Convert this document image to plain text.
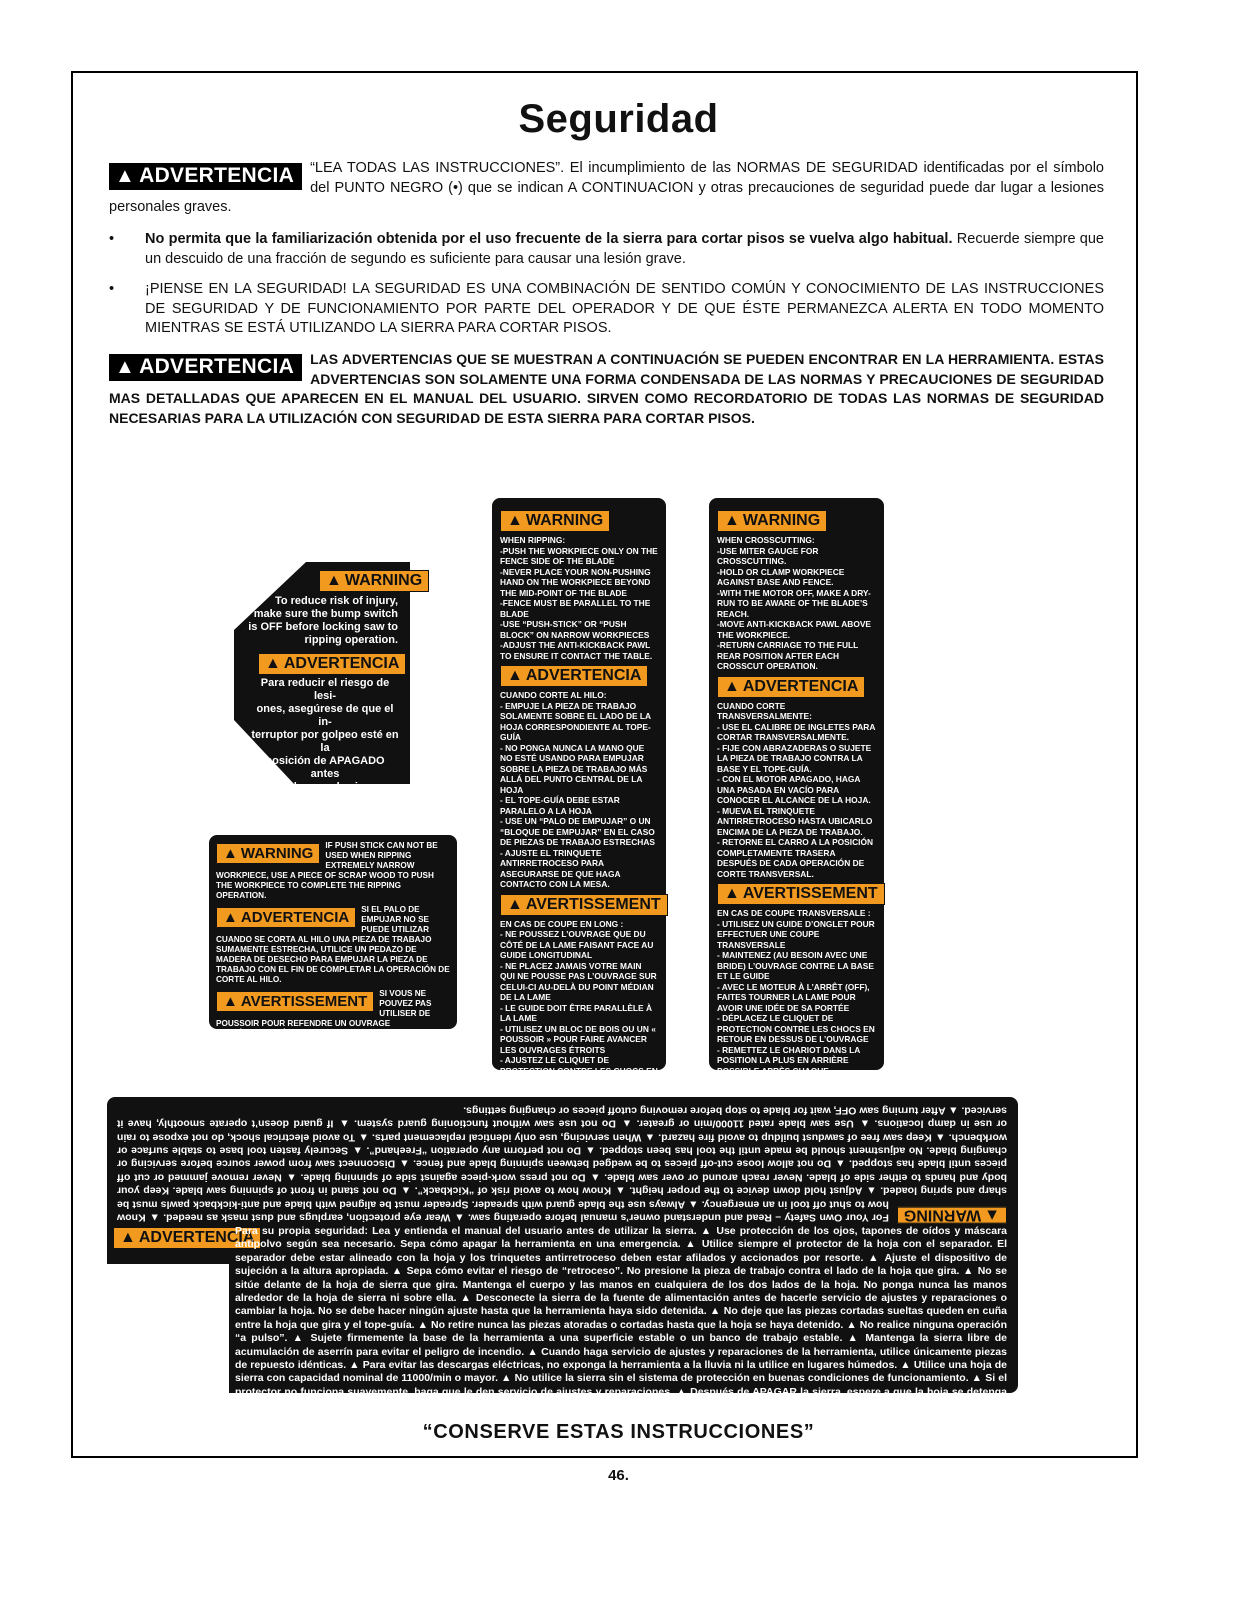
Seguridad
▲ ADVERTENCIA	“LEA TODAS LAS INSTRUCCIONES”. El incumplimiento de las NORMAS DE SEGURIDAD identificadas por el símbolo del PUNTO NEGRO (•) que se indican A CONTINUACION y otras precauciones de seguridad puede dar lugar a lesiones personales graves.
• No permita que la familiarización obtenida por el uso frecuente de la sierra para cortar pisos se vuelva algo habitual. Recuerde siempre que un descuido de una fracción de segundo es suficiente para causar una lesión grave.
• ¡PIENSE EN LA SEGURIDAD! LA SEGURIDAD ES UNA COMBINACIÓN DE SENTIDO COMÚN Y CONOCIMIENTO DE LAS INSTRUCCIONES DE SEGURIDAD Y DE FUNCIONAMIENTO POR PARTE DEL OPERADOR Y DE QUE ÉSTE PERMANEZCA ALERTA EN TODO MOMENTO MIENTRAS SE ESTÁ UTILIZANDO LA SIERRA PARA CORTAR PISOS.
▲ ADVERTENCIA	LAS ADVERTENCIAS QUE SE MUESTRAN A CONTINUACIÓN SE PUEDEN ENCONTRAR EN LA HERRAMIENTA. ESTAS ADVERTENCIAS SON SOLAMENTE UNA FORMA CONDENSADA DE LAS NORMAS Y PRECAUCIONES DE SEGURIDAD MAS DETALLADAS QUE APARECEN EN EL MANUAL DEL USUARIO. SIRVEN COMO RECORDATORIO DE TODAS LAS NORMAS DE SEGURIDAD NECESARIAS PARA LA UTILIZACIÓN CON SEGURIDAD DE ESTA SIERRA PARA CORTAR PISOS.
▲ WARNING
To reduce risk of injury,
make sure the bump switch
is OFF before locking saw to
ripping operation.
▲ ADVERTENCIA
Para reducir el riesgo de lesi-
ones, asegúrese de que el in-
terruptor por golpeo esté en la
posición de APAGADO antes
de bloquear la sierra
para la operación
de corte al hilo.
▲ WARNING
WHEN RIPPING:
-PUSH THE WORKPIECE ONLY ON THE FENCE SIDE OF THE BLADE
-NEVER PLACE YOUR NON-PUSHING HAND ON THE WORKPIECE BEYOND THE MID-POINT OF THE BLADE
-FENCE MUST BE PARALLEL TO THE BLADE
-USE “PUSH-STICK” OR “PUSH BLOCK” ON NARROW WORKPIECES
-ADJUST THE ANTI-KICKBACK PAWL TO ENSURE IT CONTACT THE TABLE.
▲ ADVERTENCIA
CUANDO CORTE AL HILO:
- EMPUJE LA PIEZA DE TRABAJO SOLAMENTE SOBRE EL LADO DE LA HOJA CORRESPONDIENTE AL TOPE-GUÍA
- NO PONGA NUNCA LA MANO QUE NO ESTÉ USANDO PARA EMPUJAR SOBRE LA PIEZA DE TRABAJO MÁS ALLÁ DEL PUNTO CENTRAL DE LA HOJA
- EL TOPE-GUÍA DEBE ESTAR PARALELO A LA HOJA
- USE UN “PALO DE EMPUJAR” O UN “BLOQUE DE EMPUJAR” EN EL CASO DE PIEZAS DE TRABAJO ESTRECHAS
- AJUSTE EL TRINQUETE ANTIRRETROCESO PARA ASEGURARSE DE QUE HAGA CONTACTO CON LA MESA.
▲ AVERTISSEMENT
EN CAS DE COUPE EN LONG :
- NE POUSSEZ L’OUVRAGE QUE DU CÔTÉ DE LA LAME FAISANT FACE AU GUIDE LONGITUDINAL
- NE PLACEZ JAMAIS VOTRE MAIN QUI NE POUSSE PAS L’OUVRAGE SUR CELUI-CI AU-DELÀ DU POINT MÉDIAN DE LA LAME
- LE GUIDE DOIT ÊTRE PARALLÈLE À LA LAME
- UTILISEZ UN BLOC DE BOIS OU UN « POUSSOIR » POUR FAIRE AVANCER LES OUVRAGES ÉTROITS
- AJUSTEZ LE CLIQUET DE PROTECTION CONTRE LES CHOCS EN RETOUR POUR ASSURER QU’IL EST BIEN EN CONTACT AVEC LA TABLE.
▲ WARNING
WHEN CROSSCUTTING:
-USE MITER GAUGE FOR CROSSCUTTING.
-HOLD OR CLAMP WORKPIECE AGAINST BASE AND FENCE.
-WITH THE MOTOR OFF, MAKE A DRY-RUN TO BE AWARE OF THE BLADE’S REACH.
-MOVE ANTI-KICKBACK PAWL ABOVE THE WORKPIECE.
-RETURN CARRIAGE TO THE FULL REAR POSITION AFTER EACH CROSSCUT OPERATION.
▲ ADVERTENCIA
CUANDO CORTE TRANSVERSALMENTE:
- USE EL CALIBRE DE INGLETES PARA CORTAR TRANSVERSALMENTE.
- FIJE CON ABRAZADERAS O SUJETE LA PIEZA DE TRABAJO CONTRA LA BASE Y EL TOPE-GUÍA.
- CON EL MOTOR APAGADO, HAGA UNA PASADA EN VACÍO PARA CONOCER EL ALCANCE DE LA HOJA.
- MUEVA EL TRINQUETE ANTIRRETROCESO HASTA UBICARLO ENCIMA DE LA PIEZA DE TRABAJO.
- RETORNE EL CARRO A LA POSICIÓN COMPLETAMENTE TRASERA DESPUÉS DE CADA OPERACIÓN DE CORTE TRANSVERSAL.
▲ AVERTISSEMENT
EN CAS DE COUPE TRANSVERSALE :
- UTILISEZ UN GUIDE D’ONGLET POUR EFFECTUER UNE COUPE TRANSVERSALE
- MAINTENEZ (AU BESOIN AVEC UNE BRIDE) L’OUVRAGE CONTRE LA BASE ET LE GUIDE
- AVEC LE MOTEUR À L’ARRÊT (OFF), FAITES TOURNER LA LAME POUR AVOIR UNE IDÉE DE SA PORTÉE
- DÉPLACEZ LE CLIQUET DE PROTECTION CONTRE LES CHOCS EN RETOUR EN DESSUS DE L’OUVRAGE
- REMETTEZ LE CHARIOT DANS LA POSITION LA PLUS EN ARRIÈRE POSSIBLE APRÈS CHAQUE OPÉRATION DE COUPE TRANSVERSALE.
▲ WARNING	IF PUSH STICK CAN NOT BE USED WHEN RIPPING EXTREMELY NARROW WORKPIECE, USE A PIECE OF SCRAP WOOD TO PUSH THE WORKPIECE TO COMPLETE THE RIPPING OPERATION.
▲ ADVERTENCIA	SI EL PALO DE EMPUJAR NO SE PUEDE UTILIZAR CUANDO SE CORTA AL HILO UNA PIEZA DE TRABAJO SUMAMENTE ESTRECHA, UTILICE UN PEDAZO DE MADERA DE DESECHO PARA EMPUJAR LA PIEZA DE TRABAJO CON EL FIN DE COMPLETAR LA OPERACIÓN DE CORTE AL HILO.
▲ AVERTISSEMENT	SI VOUS NE POUVEZ PAS UTILISER DE POUSSOIR POUR REFENDRE UN OUVRAGE EXTRÊMEMENT ÉTROIT, UTILISEZ UN MORCEAU DE BOIS POUR POUSSER L’OUVRAGE AFIN DE COMPLÉTER L’OPÉRATION DE REFENTE.
▲WARNING
For Your Own Safety – Read and understand owner’s manual before operating saw. ▲ Wear eye protection, earplugs and dust mask as needed. ▲ Know how to shut off tool in an emergency. ▲ Always use the blade guard with spreader. Spreader must be aligned with blade and anti-kickback pawls must be sharp and spring loaded. ▲ Adjust hold down device to the proper height. ▲ Know how to avoid risk of “Kickback”. ▲ Do not stand in front of spinning saw blade. Keep your body and hands to either side of blade. Never reach around or over saw blade. ▲ Do not press work-piece against side of spinning blade. ▲ Never remove jammed or cut off pieces until blade has stopped. ▲ Do not allow loose cut-off pieces to be wedged between spinning blade and fence. ▲ Disconnect saw from power source before servicing or changing blade. No adjustment should be made until the tool has been stopped. ▲ Do not perform any operation “Freehand”. ▲ Securely fasten tool base to stable surface or workbench. ▲ Keep saw free of sawdust buildup to avoid fire hazard. ▲ When servicing, use only identical replacement parts. ▲ To avoid electrical shock, do not expose to rain or use in damp locations. ▲ Use saw blade rated 11000/min or greater. ▲ Do not use saw without functioning guard system. ▲ If guard doesn’t operate smoothly, have it serviced. ▲ After turning saw OFF, wait for blade to stop before removing cutoff pieces or changing settings.
▲ ADVERTENCIA
Para su propia seguridad: Lea y entienda el manual del usuario antes de utilizar la sierra. ▲ Use protección de los ojos, tapones de oídos y máscara antipolvo según sea necesario. Sepa cómo apagar la herramienta en una emergencia. ▲ Utilice siempre el protector de la hoja con el separador. El separador debe estar alineado con la hoja y los trinquetes antirretroceso deben estar afilados y accionados por resorte. ▲ Ajuste el dispositivo de sujeción a la altura apropiada. ▲ Sepa cómo evitar el riesgo de “retroceso”. No presione la pieza de trabajo contra el lado de la hoja que gira. ▲ No se sitúe delante de la hoja de sierra que gira. Mantenga el cuerpo y las manos en cualquiera de los dos lados de la hoja. No ponga nunca las manos alrededor de la hoja de sierra ni sobre ella. ▲ Desconecte la sierra de la fuente de alimentación antes de hacerle servicio de ajustes y reparaciones o cambiar la hoja. No se debe hacer ningún ajuste hasta que la herramienta haya sido detenida. ▲ No deje que las piezas cortadas sueltas queden en cuña entre la hoja que gira y el tope-guía. ▲ No retire nunca las piezas atoradas o cortadas hasta que la hoja se haya detenido. ▲ No realice ninguna operación “a pulso”. ▲ Sujete firmemente la base de la herramienta a una superficie estable o un banco de trabajo estable. ▲ Mantenga la sierra libre de acumulación de aserrín para evitar el peligro de incendio. ▲ Cuando haga servicio de ajustes y reparaciones de la herramienta, utilice únicamente piezas de repuesto idénticas. ▲ Para evitar las descargas eléctricas, no exponga la herramienta a la lluvia ni la utilice en lugares húmedos. ▲ Utilice una hoja de sierra con capacidad nominal de 11000/min o mayor. ▲ No utilice la sierra sin el sistema de protección en buenas condiciones de funcionamiento. ▲ Si el protector no funciona suavemente, haga que le den servicio de ajustes y reparaciones. ▲ Después de APAGAR la sierra, espere a que la hoja se detenga antes de retirar las piezas cortadas o cambiar los ajustes.
“CONSERVE ESTAS INSTRUCCIONES”
46.
